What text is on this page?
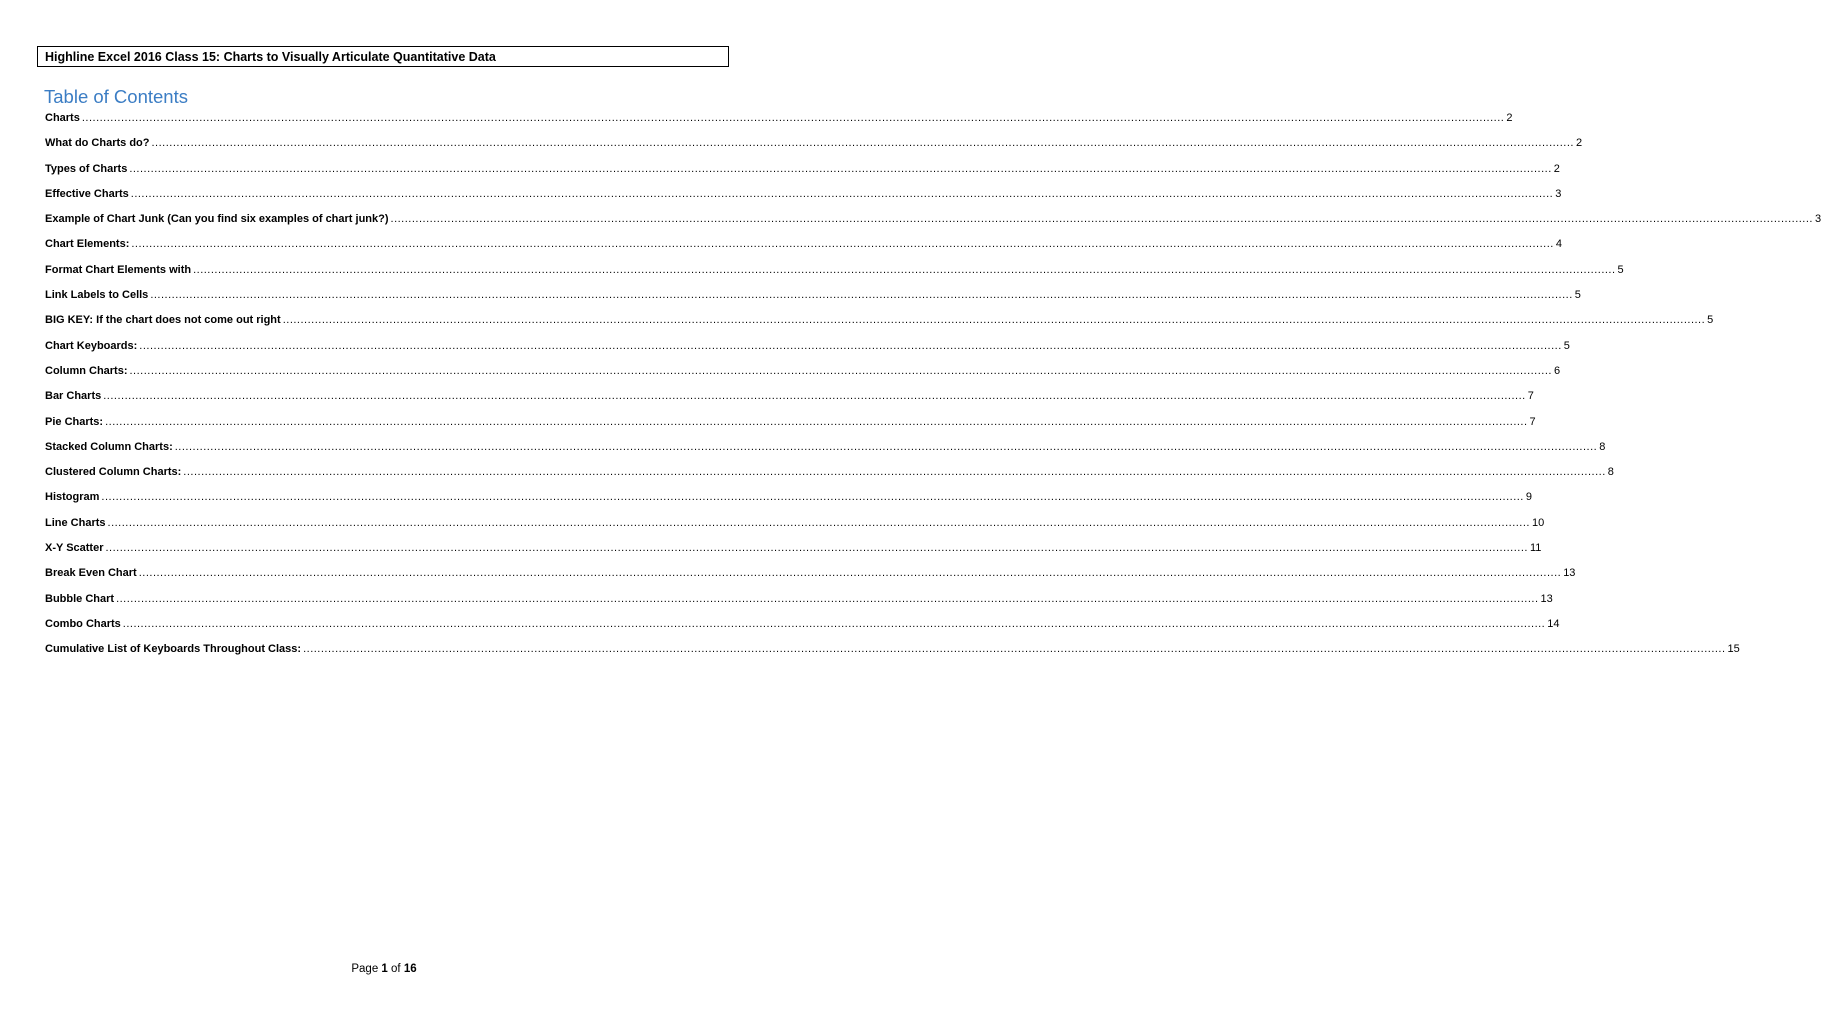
Highline Excel 2016 Class 15: Charts to Visually Articulate Quantitative Data
Table of Contents
Charts ................................................................................................................................................................................................................................................................................................................................................................................................................ 2
What do Charts do? ................................................................................................................................................................................................................................................................................................................................................................................................................ 2
Types of Charts ................................................................................................................................................................................................................................................................................................................................................................................................................ 2
Effective Charts ................................................................................................................................................................................................................................................................................................................................................................................................................ 3
Example of Chart Junk (Can you find six examples of chart junk?) ................................................................................................................................................................................................................................................................................................................................................................................................................ 3
Chart Elements: ................................................................................................................................................................................................................................................................................................................................................................................................................ 4
Format Chart Elements with ................................................................................................................................................................................................................................................................................................................................................................................................................ 5
Link Labels to Cells ................................................................................................................................................................................................................................................................................................................................................................................................................ 5
BIG KEY: If the chart does not come out right ................................................................................................................................................................................................................................................................................................................................................................................................................ 5
Chart Keyboards: ................................................................................................................................................................................................................................................................................................................................................................................................................ 5
Column Charts: ................................................................................................................................................................................................................................................................................................................................................................................................................ 6
Bar Charts ................................................................................................................................................................................................................................................................................................................................................................................................................ 7
Pie Charts: ................................................................................................................................................................................................................................................................................................................................................................................................................ 7
Stacked Column Charts: ................................................................................................................................................................................................................................................................................................................................................................................................................ 8
Clustered Column Charts: ................................................................................................................................................................................................................................................................................................................................................................................................................ 8
Histogram ................................................................................................................................................................................................................................................................................................................................................................................................................ 9
Line Charts ................................................................................................................................................................................................................................................................................................................................................................................................................ 10
X-Y Scatter ................................................................................................................................................................................................................................................................................................................................................................................................................ 11
Break Even Chart ................................................................................................................................................................................................................................................................................................................................................................................................................ 13
Bubble Chart ................................................................................................................................................................................................................................................................................................................................................................................................................ 13
Combo Charts ................................................................................................................................................................................................................................................................................................................................................................................................................ 14
Cumulative List of Keyboards Throughout Class: ................................................................................................................................................................................................................................................................................................................................................................................................................ 15
Page 1 of 16
